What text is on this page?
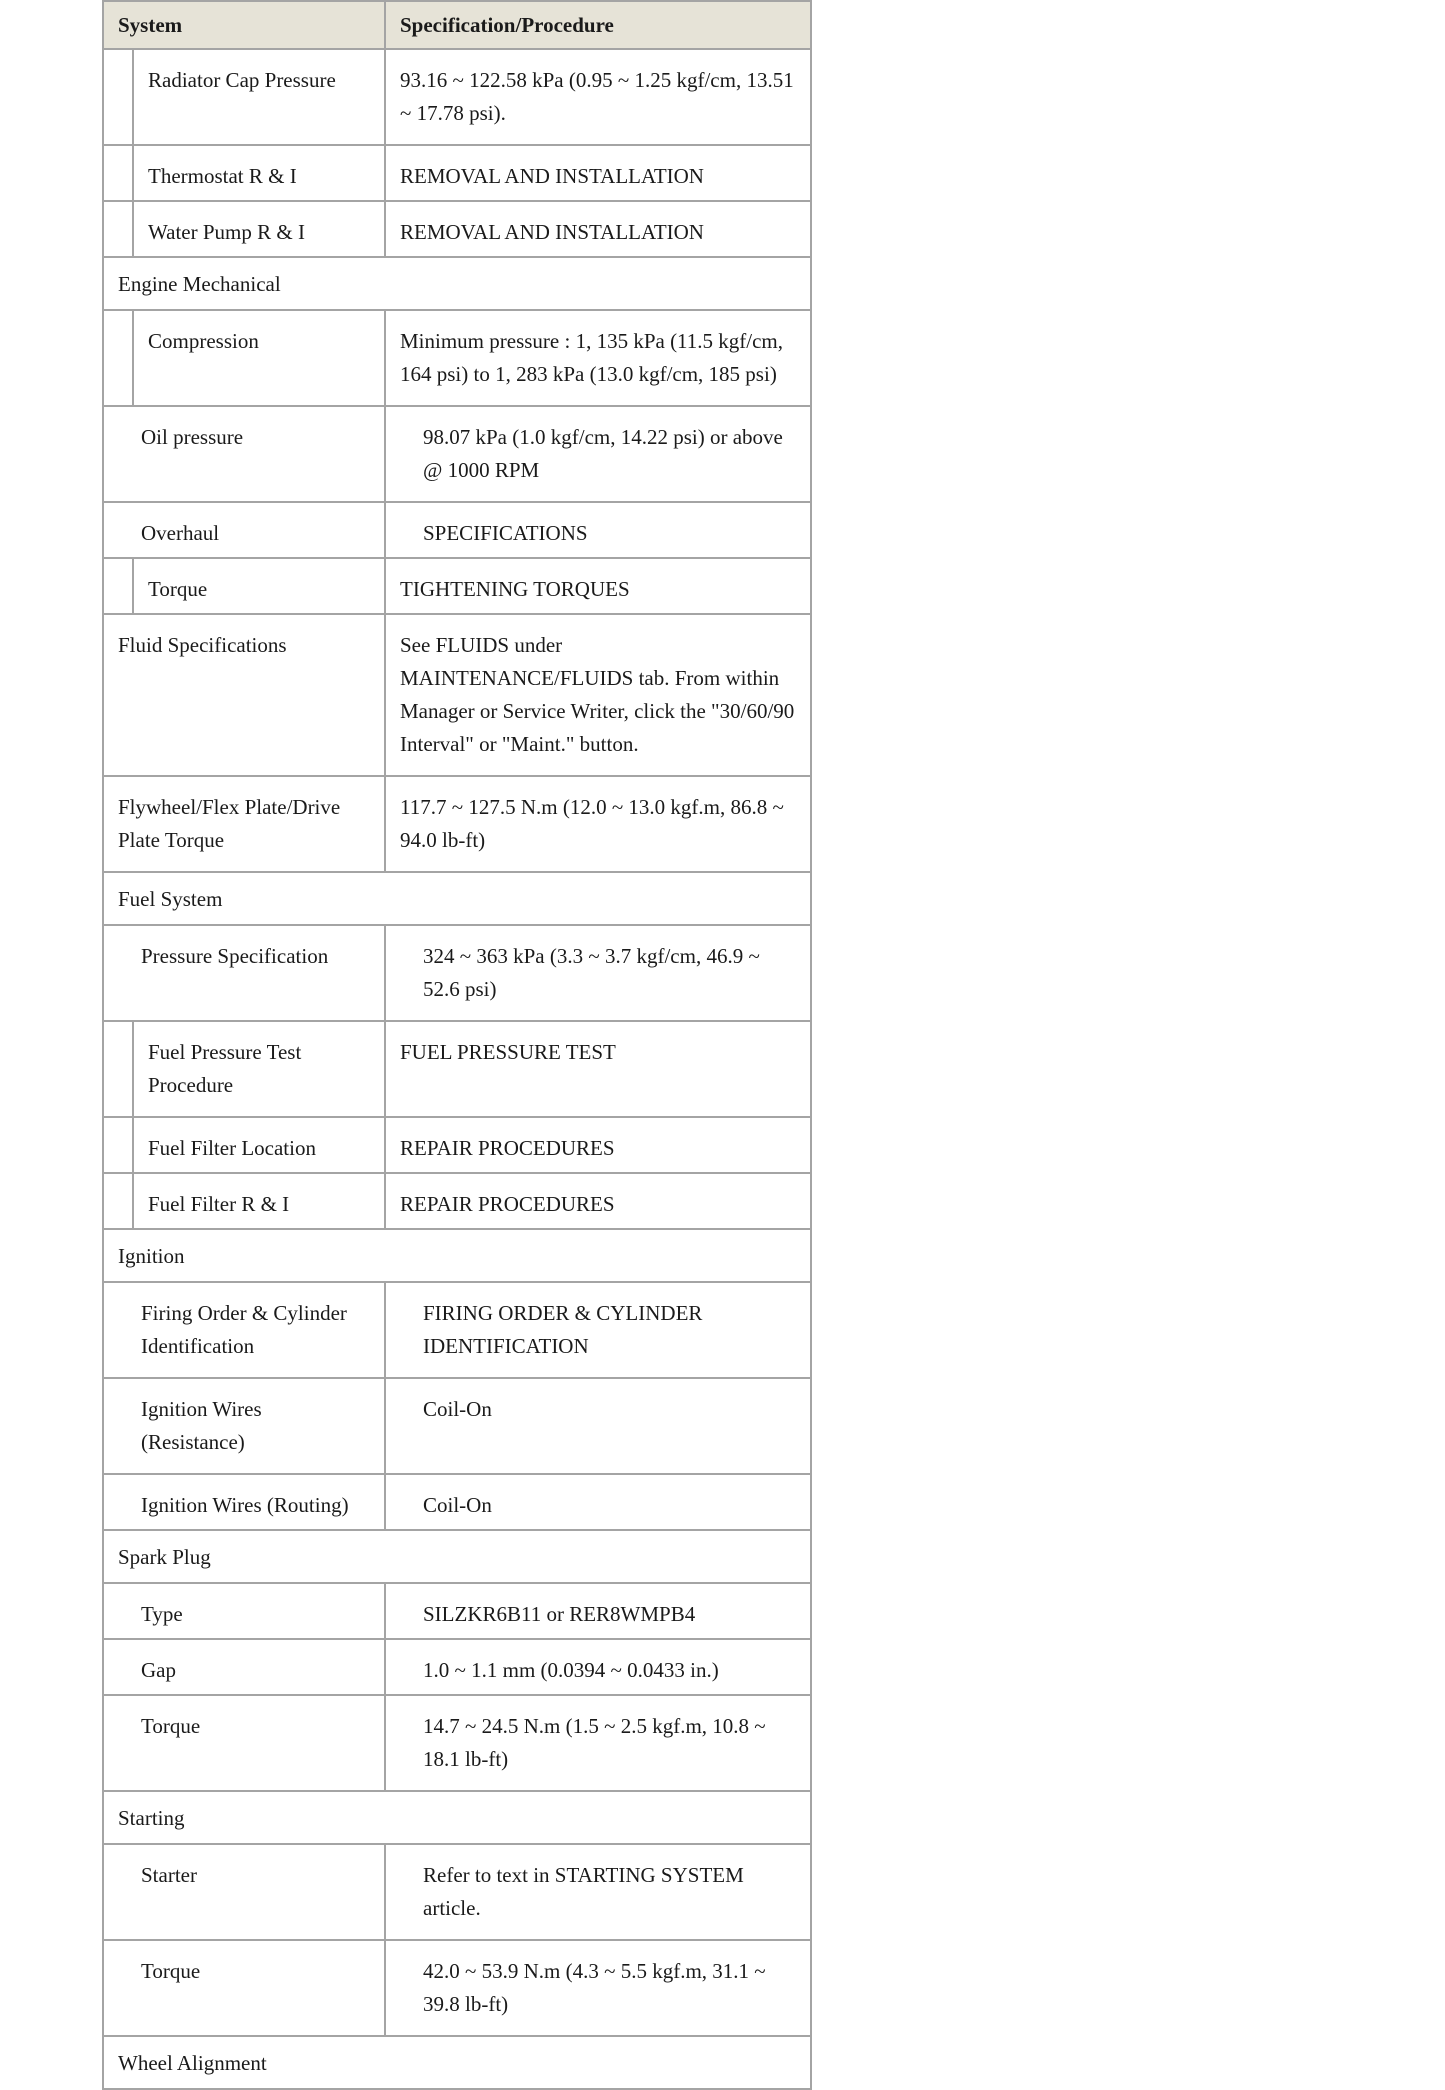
System	Specification/Procedure

Radiator Cap Pressure	93.16 ~ 122.58 kPa (0.95 ~ 1.25 kgf/cm, 13.51 ~ 17.78 psi).

Thermostat R & I	REMOVAL AND INSTALLATION

Water Pump R & I	REMOVAL AND INSTALLATION

Engine Mechanical	

Compression	Minimum pressure : 1, 135 kPa (11.5 kgf/cm, 164 psi) to 1, 283 kPa (13.0 kgf/cm, 185 psi)

Oil pressure	98.07 kPa (1.0 kgf/cm, 14.22 psi) or above @ 1000 RPM

Overhaul	SPECIFICATIONS

Torque	TIGHTENING TORQUES

Fluid Specifications	See FLUIDS under MAINTENANCE/FLUIDS tab. From within Manager or Service Writer, click the "30/60/90 Interval" or "Maint." button.

Flywheel/Flex Plate/Drive Plate Torque	117.7 ~ 127.5 N.m (12.0 ~ 13.0 kgf.m, 86.8 ~ 94.0 lb-ft)

Fuel System	

Pressure Specification	324 ~ 363 kPa (3.3 ~ 3.7 kgf/cm, 46.9 ~ 52.6 psi)

Fuel Pressure Test Procedure	FUEL PRESSURE TEST

Fuel Filter Location	REPAIR PROCEDURES

Fuel Filter R & I	REPAIR PROCEDURES

Ignition	

Firing Order & Cylinder Identification	FIRING ORDER & CYLINDER IDENTIFICATION

Ignition Wires (Resistance)	Coil-On

Ignition Wires (Routing)	Coil-On

Spark Plug	

Type	SILZKR6B11 or RER8WMPB4

Gap	1.0 ~ 1.1 mm (0.0394 ~ 0.0433 in.)

Torque	14.7 ~ 24.5 N.m (1.5 ~ 2.5 kgf.m, 10.8 ~ 18.1 lb-ft)

Starting	

Starter	Refer to text in STARTING SYSTEM article.

Torque	42.0 ~ 53.9 N.m (4.3 ~ 5.5 kgf.m, 31.1 ~ 39.8 lb-ft)

Wheel Alignment	
